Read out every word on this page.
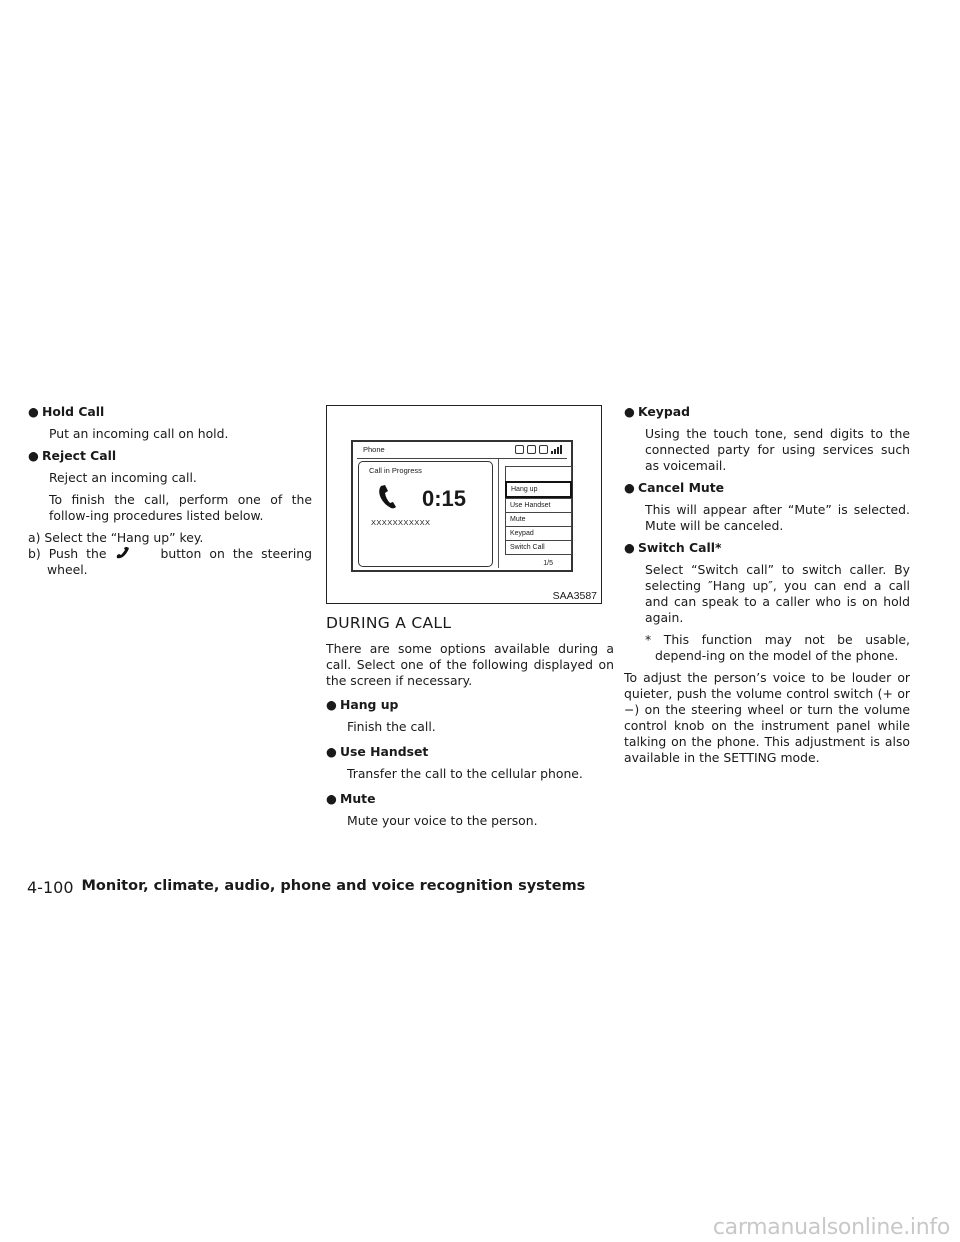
● Hold Call
Put an incoming call on hold.
● Reject Call
Reject an incoming call.
To finish the call, perform one of the follow-ing procedures listed below.

a) Select the “Hang up” key.

b) Push the	button on the steering wheel.

Phone
Call in Progress
0:15
XXXXXXXXXXX
Hang up
Use Handset
Mute
Keypad
Switch Call
1/5
SAA3587
DURING A CALL

There are some options available during a call. Select one of the following displayed on the screen if necessary.

● Hang up
Finish the call.
● Use Handset
Transfer the call to the cellular phone.
● Mute
Mute your voice to the person.
● Keypad
Using the touch tone, send digits to the connected party for using services such as voicemail.
● Cancel Mute
This will appear after “Mute” is selected. Mute will be canceled.
● Switch Call*
Select “Switch call” to switch caller. By selecting ″Hang up″, you can end a call and can speak to a caller who is on hold again.
* This function may not be usable, depend-ing on the model of the phone.

To adjust the person’s voice to be louder or quieter, push the volume control switch (+ or −) on the steering wheel or turn the volume control knob on the instrument panel while talking on the phone. This adjustment is also available in the SETTING mode.

4-100 Monitor, climate, audio, phone and voice recognition systems
carmanualsonline.info
